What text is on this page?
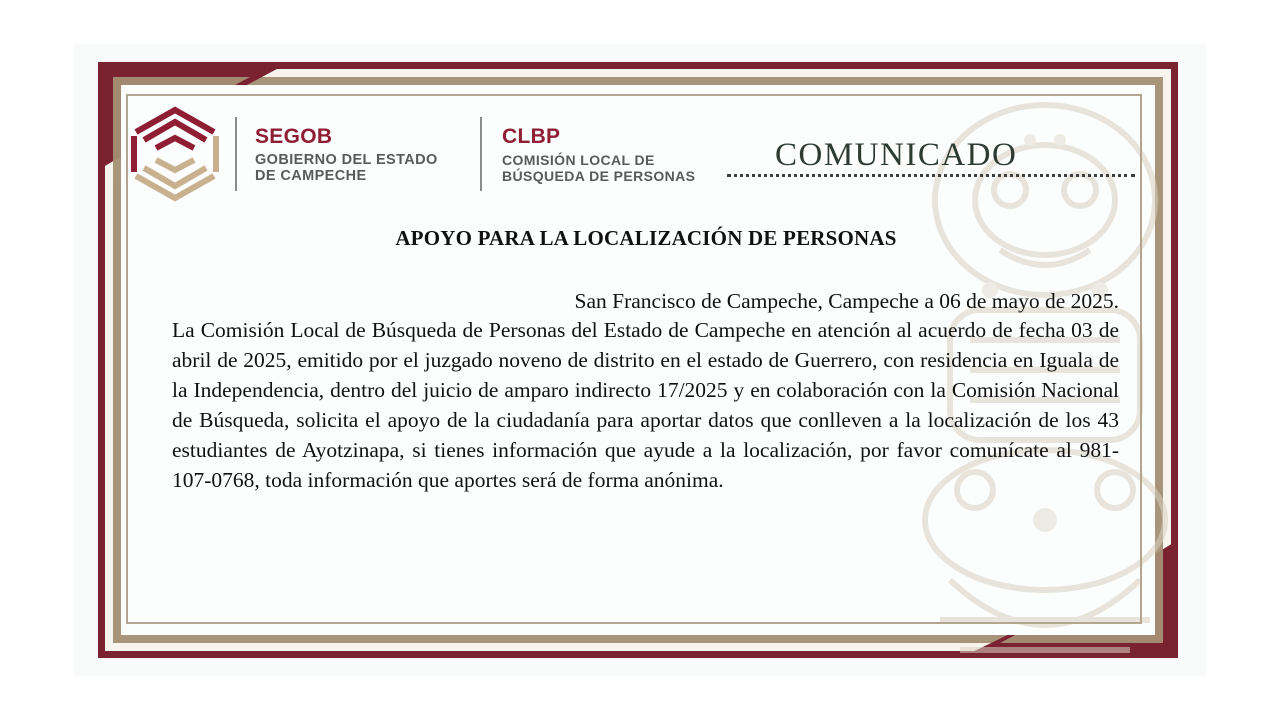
SEGOB
GOBIERNO DEL ESTADO
DE CAMPECHE
CLBP
COMISIÓN LOCAL DE
BÚSQUEDA DE PERSONAS
COMUNICADO
APOYO PARA LA LOCALIZACIÓN DE PERSONAS
San Francisco de Campeche, Campeche a 06 de mayo de 2025.
La Comisión Local de Búsqueda de Personas del Estado de Campeche en atención al acuerdo de fecha 03 de abril de 2025, emitido por el juzgado noveno de distrito en el estado de Guerrero, con residencia en Iguala de la Independencia, dentro del juicio de amparo indirecto 17/2025 y en colaboración con la Comisión Nacional de Búsqueda, solicita el apoyo de la ciudadanía para aportar datos que conlleven a la localización de los 43 estudiantes de Ayotzinapa, si tienes información que ayude a la localización, por favor comunícate al 981-107-0768, toda información que aportes será de forma anónima.
